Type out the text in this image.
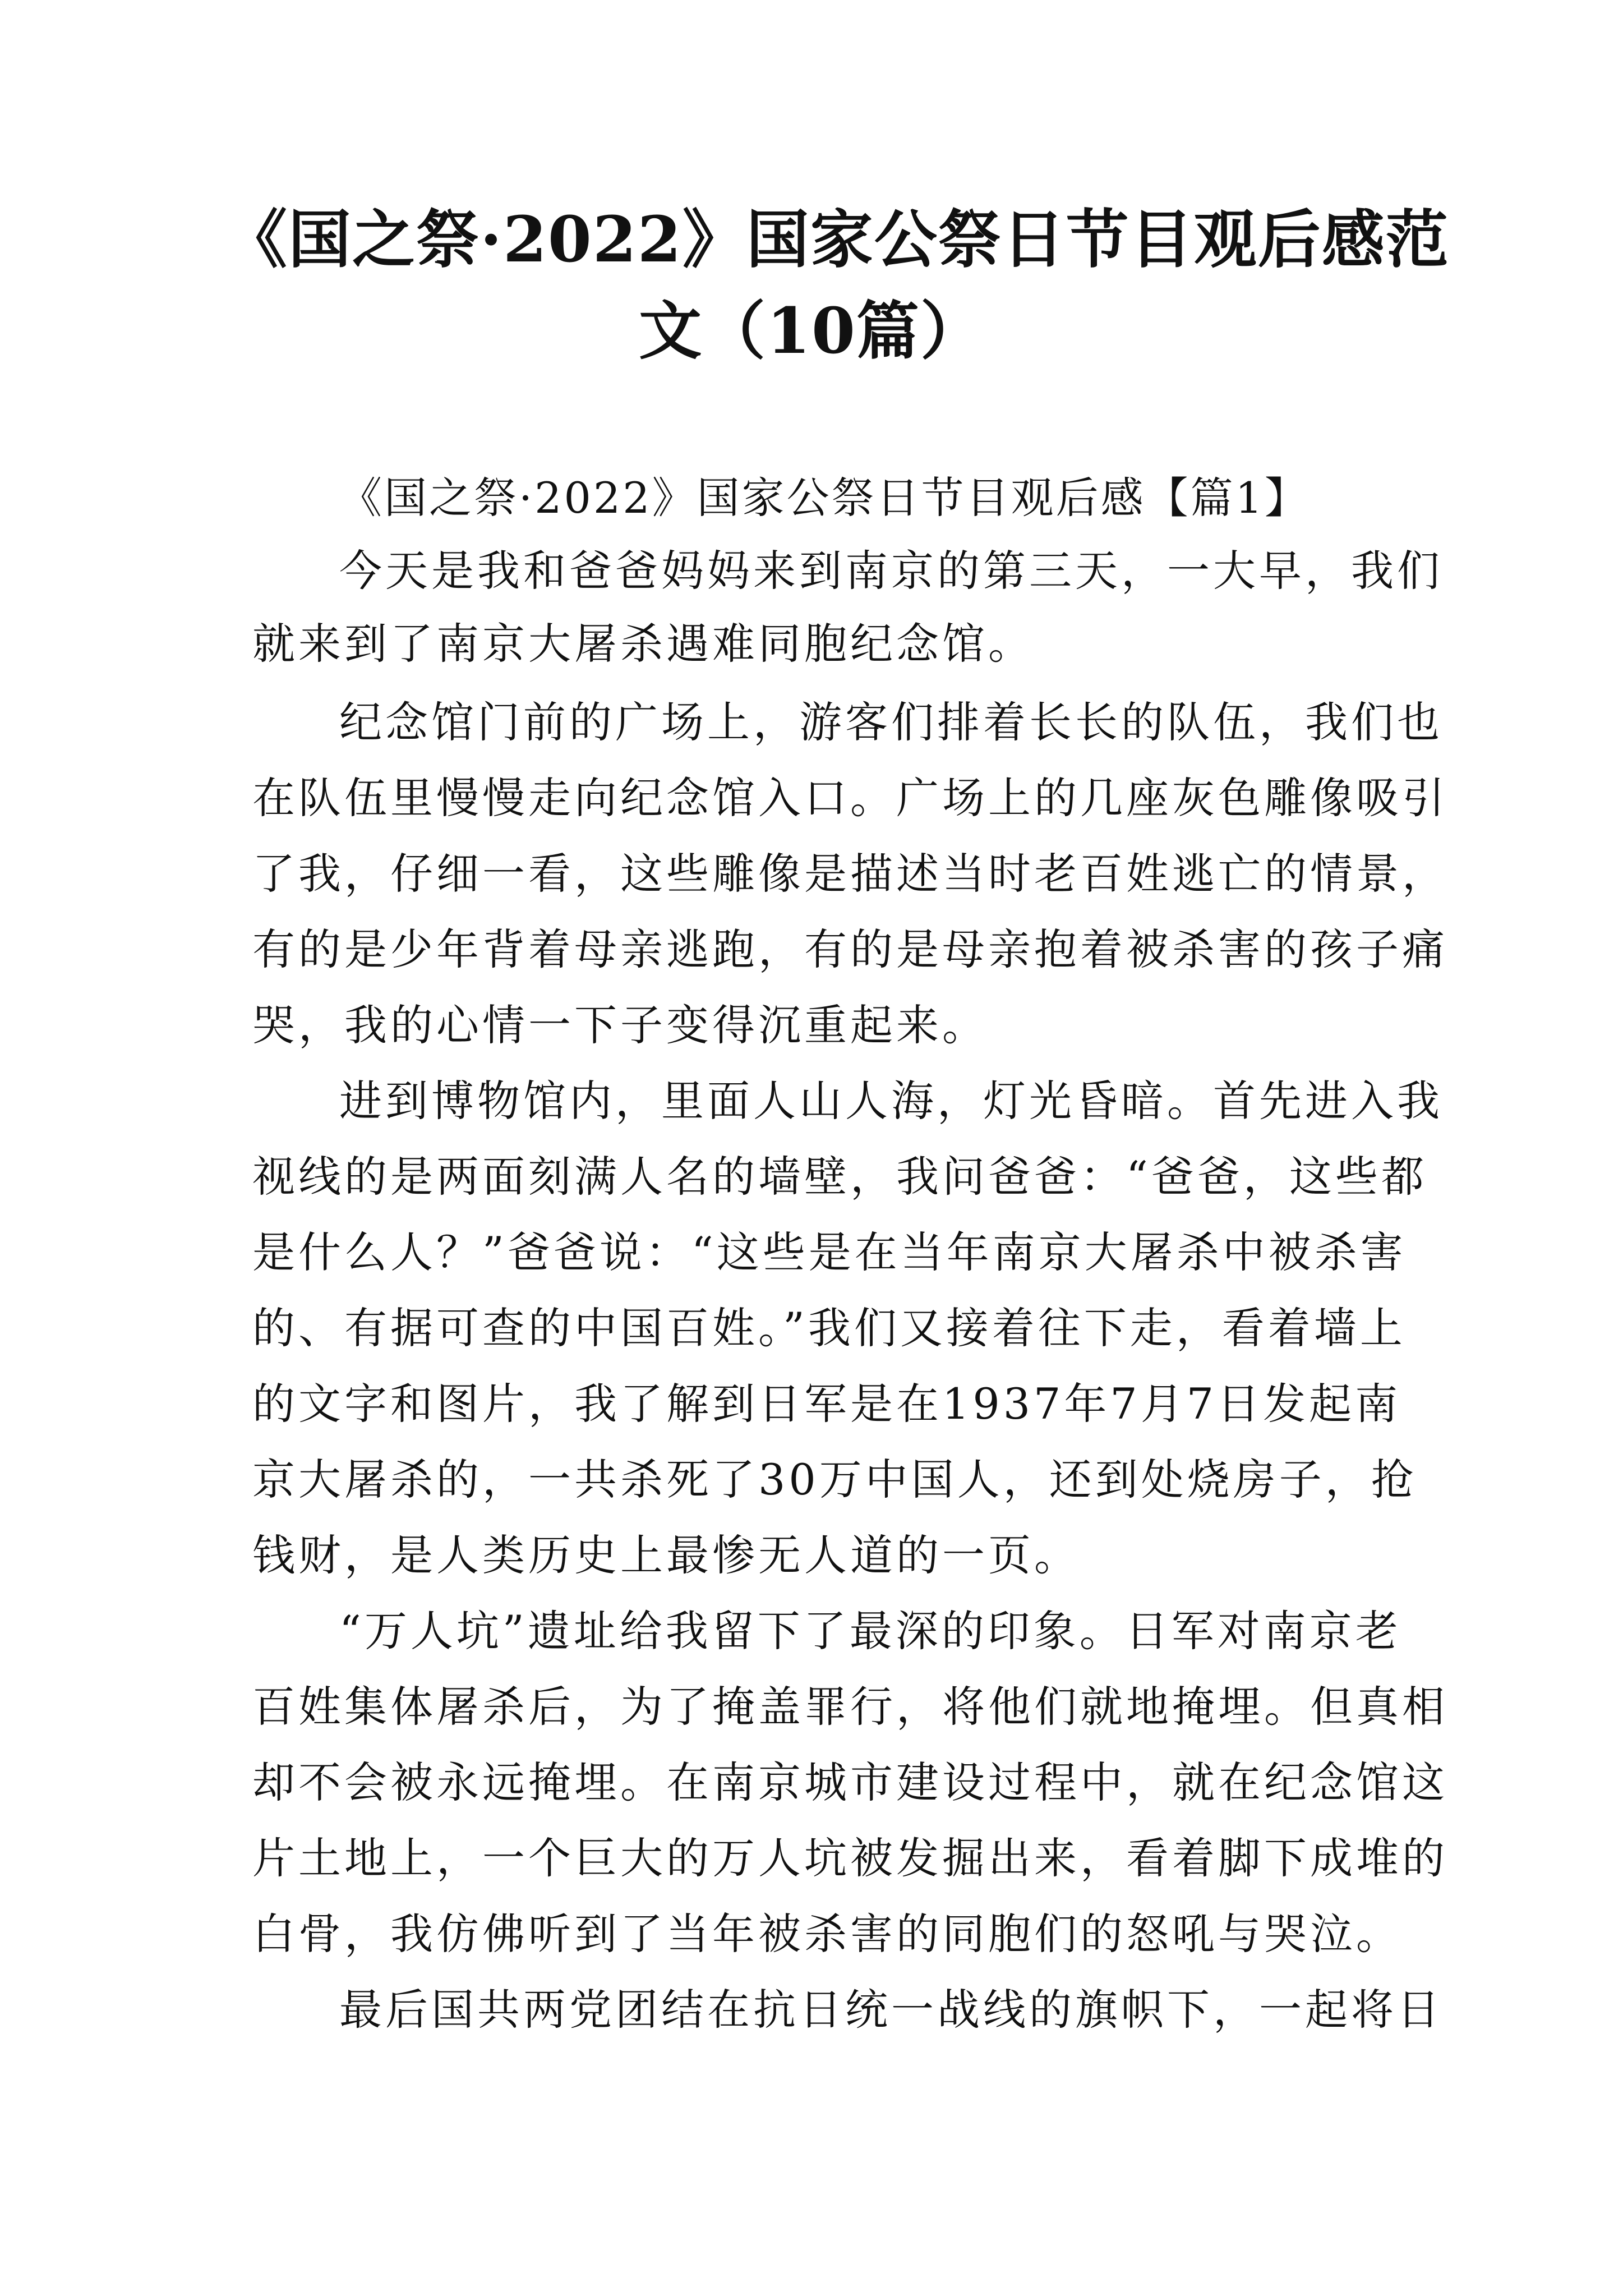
《国之祭·2022》国家公祭日节目观后感范
文（10篇）
《国之祭·2022》国家公祭日节目观后感【篇1】
今天是我和爸爸妈妈来到南京的第三天，一大早，我们
就来到了南京大屠杀遇难同胞纪念馆。
纪念馆门前的广场上，游客们排着长长的队伍，我们也
在队伍里慢慢走向纪念馆入口。广场上的几座灰色雕像吸引
了我，仔细一看，这些雕像是描述当时老百姓逃亡的情景，
有的是少年背着母亲逃跑，有的是母亲抱着被杀害的孩子痛
哭，我的心情一下子变得沉重起来。
进到博物馆内，里面人山人海，灯光昏暗。首先进入我
视线的是两面刻满人名的墙壁，我问爸爸：“爸爸，这些都
是什么人？”爸爸说：“这些是在当年南京大屠杀中被杀害
的、有据可查的中国百姓。”我们又接着往下走，看着墙上
的文字和图片，我了解到日军是在1937年7月7日发起南
京大屠杀的，一共杀死了30万中国人，还到处烧房子，抢
钱财，是人类历史上最惨无人道的一页。
“万人坑”遗址给我留下了最深的印象。日军对南京老
百姓集体屠杀后，为了掩盖罪行，将他们就地掩埋。但真相
却不会被永远掩埋。在南京城市建设过程中，就在纪念馆这
片土地上，一个巨大的万人坑被发掘出来，看着脚下成堆的
白骨，我仿佛听到了当年被杀害的同胞们的怒吼与哭泣。
最后国共两党团结在抗日统一战线的旗帜下，一起将日
